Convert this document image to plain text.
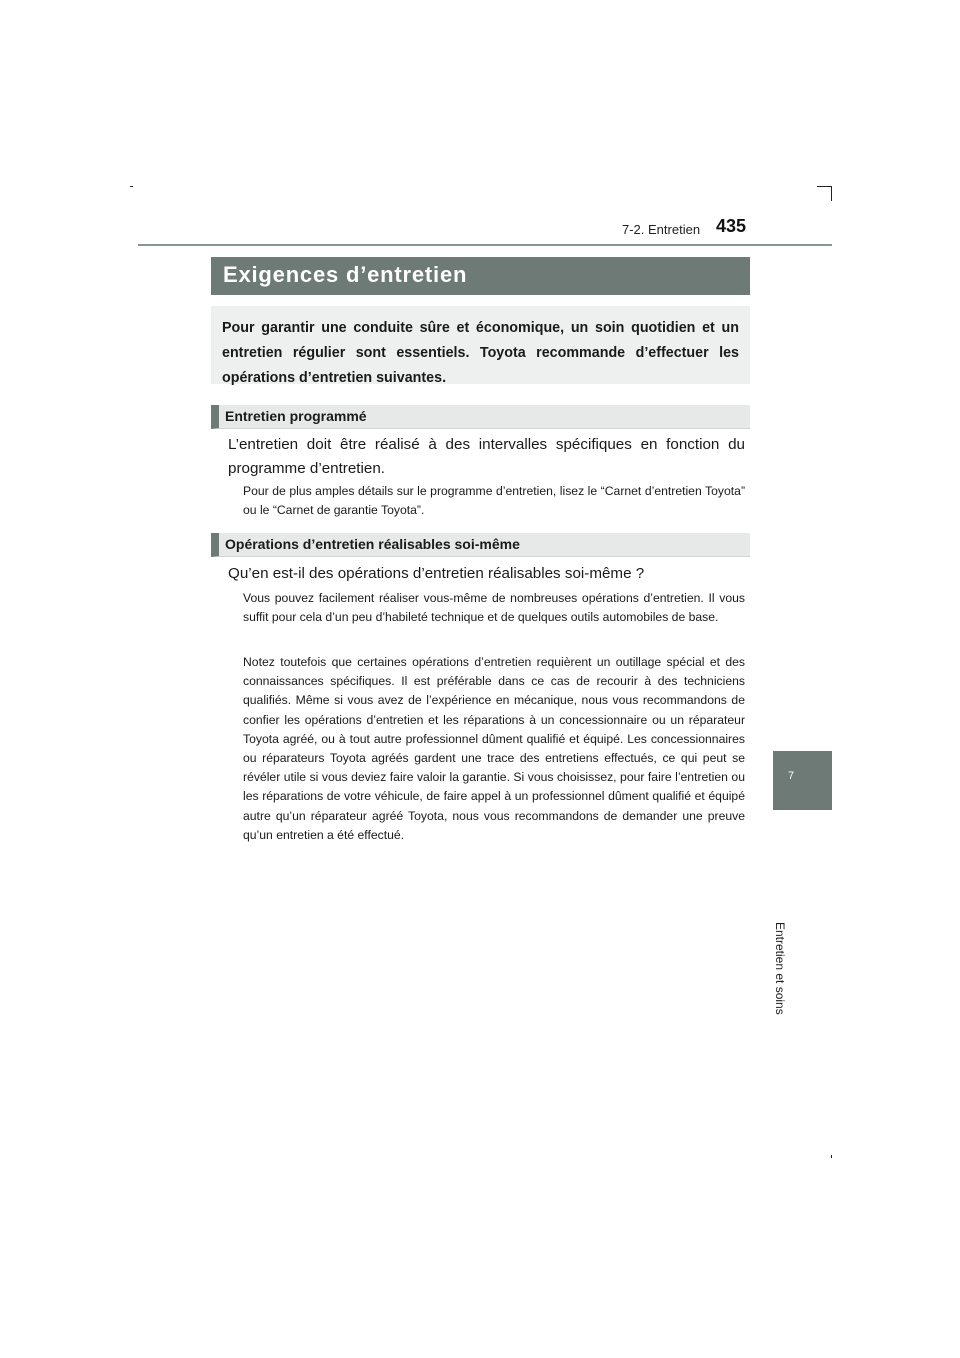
7-2. Entretien 435
7
Entretien et soins
Exigences d’entretien
Pour garantir une conduite sûre et économique, un soin quotidien et un entretien régulier sont essentiels. Toyota recommande d’effectuer les opérations d’entretien suivantes.
Entretien programmé
L’entretien doit être réalisé à des intervalles spécifiques en fonction du programme d’entretien.
Pour de plus amples détails sur le programme d’entretien, lisez le “Carnet d’entretien Toyota” ou le “Carnet de garantie Toyota”.
Opérations d’entretien réalisables soi-même
Qu’en est-il des opérations d’entretien réalisables soi-même ?
Vous pouvez facilement réaliser vous-même de nombreuses opérations d’entretien. Il vous suffit pour cela d’un peu d’habileté technique et de quelques outils automobiles de base.
Notez toutefois que certaines opérations d’entretien requièrent un outillage spécial et des connaissances spécifiques. Il est préférable dans ce cas de recourir à des techniciens qualifiés. Même si vous avez de l’expérience en mécanique, nous vous recommandons de confier les opérations d’entretien et les réparations à un concessionnaire ou un réparateur Toyota agréé, ou à tout autre professionnel dûment qualifié et équipé. Les concessionnaires ou réparateurs Toyota agréés gardent une trace des entretiens effectués, ce qui peut se révéler utile si vous deviez faire valoir la garantie. Si vous choisissez, pour faire l’entretien ou les réparations de votre véhicule, de faire appel à un professionnel dûment qualifié et équipé autre qu’un réparateur agréé Toyota, nous vous recommandons de demander une preuve qu’un entretien a été effectué.
